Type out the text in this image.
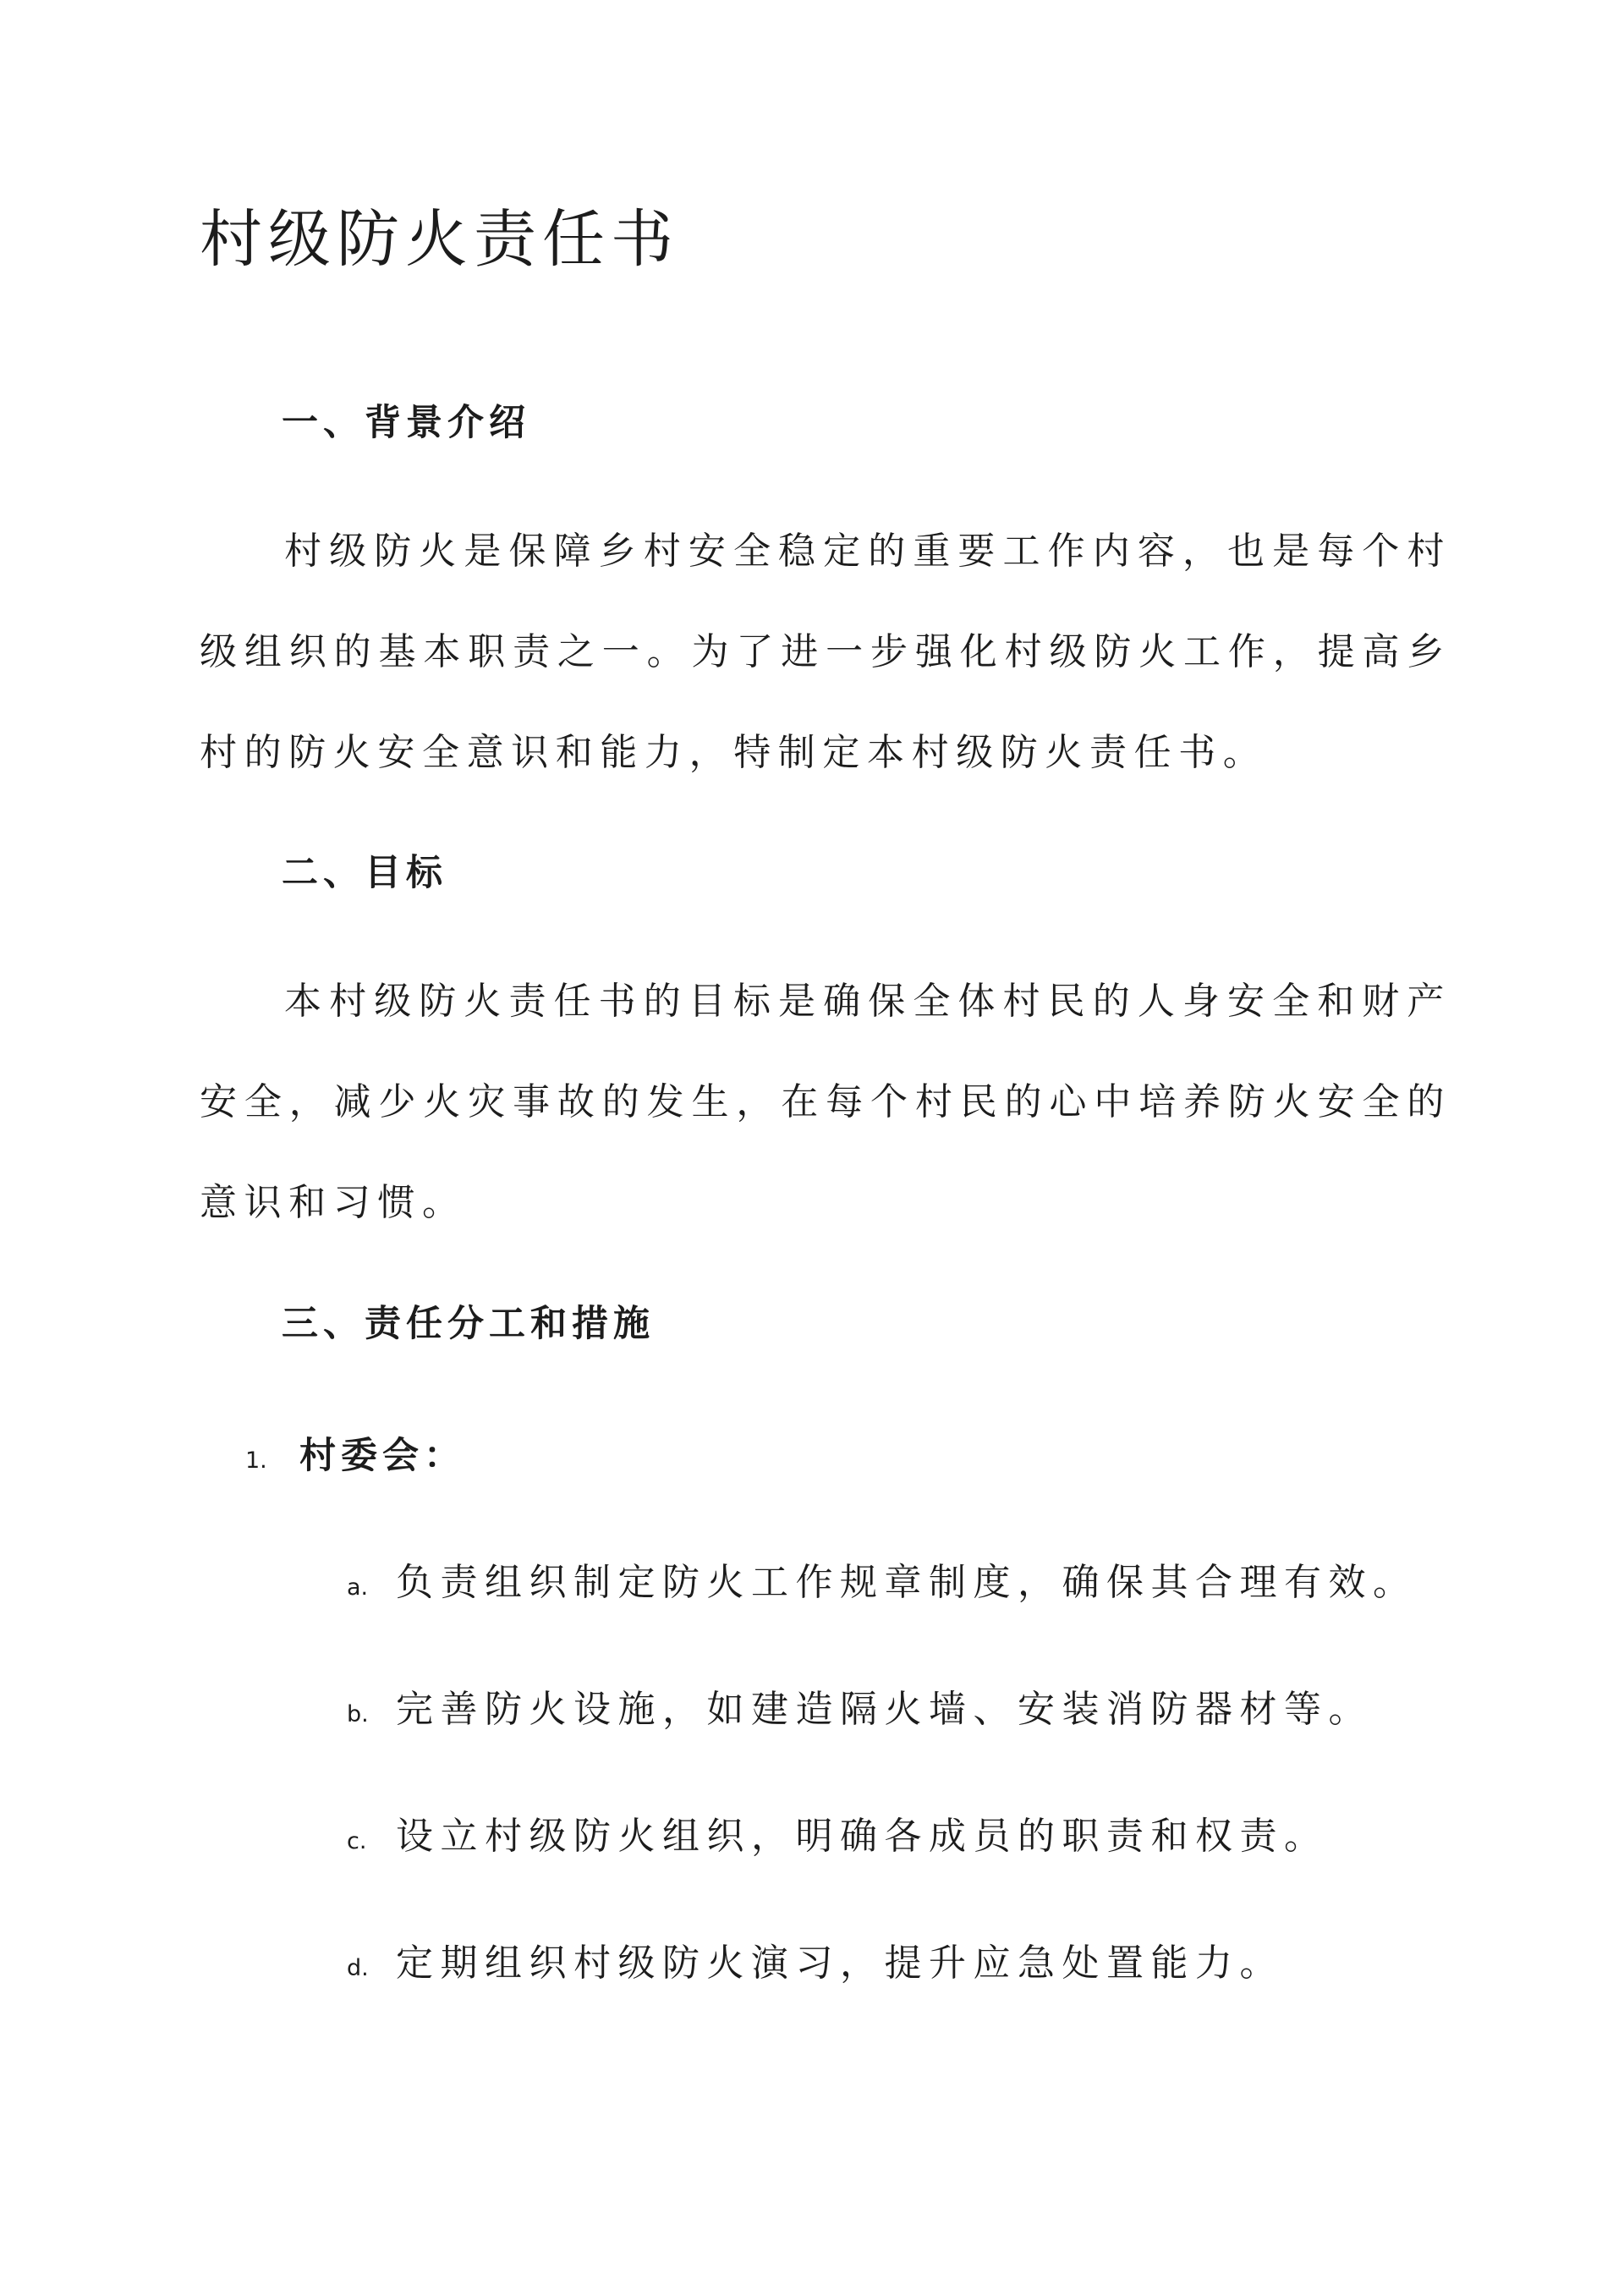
村级防火责任书
一、背景介绍

村级防火是保障乡村安全稳定的重要工作内容，也是每个村级组织的基本职责之一。为了进一步强化村级防火工作，提高乡村的防火安全意识和能力，特制定本村级防火责任书。

二、目标

本村级防火责任书的目标是确保全体村民的人身安全和财产安全，减少火灾事故的发生，在每个村民的心中培养防火安全的意识和习惯。

三、责任分工和措施
1. 村委会：
a. 负责组织制定防火工作规章制度，确保其合理有效。
b. 完善防火设施，如建造隔火墙、安装消防器材等。
c. 设立村级防火组织，明确各成员的职责和权责。
d. 定期组织村级防火演习，提升应急处置能力。
